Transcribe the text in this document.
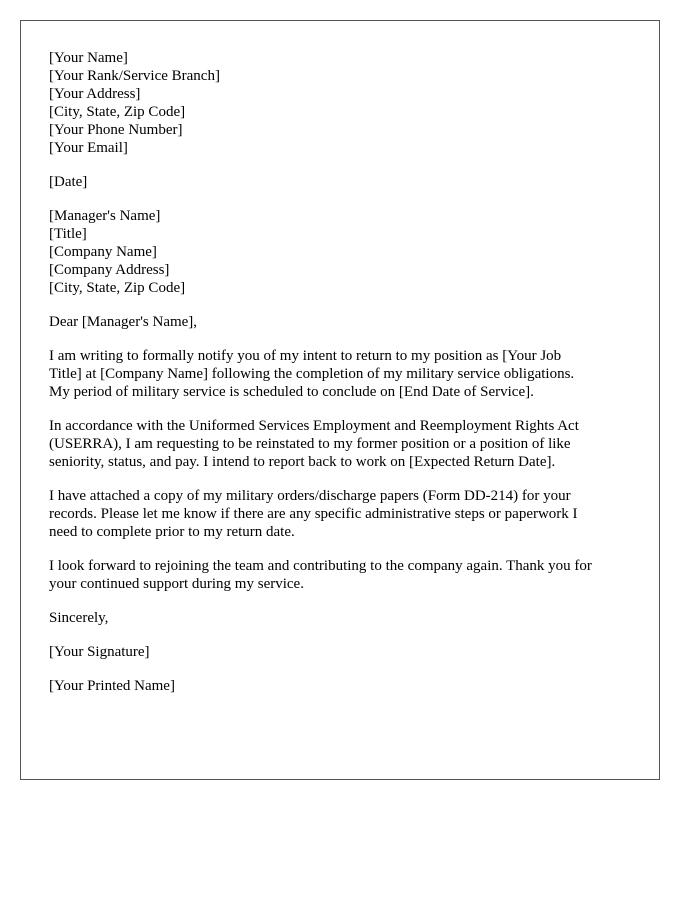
[Your Name]
[Your Rank/Service Branch]
[Your Address]
[City, State, Zip Code]
[Your Phone Number]
[Your Email]
[Date]
[Manager's Name]
[Title]
[Company Name]
[Company Address]
[City, State, Zip Code]
Dear [Manager's Name],
I am writing to formally notify you of my intent to return to my position as [Your Job
Title] at [Company Name] following the completion of my military service obligations.
My period of military service is scheduled to conclude on [End Date of Service].
In accordance with the Uniformed Services Employment and Reemployment Rights Act
(USERRA), I am requesting to be reinstated to my former position or a position of like
seniority, status, and pay. I intend to report back to work on [Expected Return Date].
I have attached a copy of my military orders/discharge papers (Form DD-214) for your
records. Please let me know if there are any specific administrative steps or paperwork I
need to complete prior to my return date.
I look forward to rejoining the team and contributing to the company again. Thank you for
your continued support during my service.
Sincerely,
[Your Signature]
[Your Printed Name]
